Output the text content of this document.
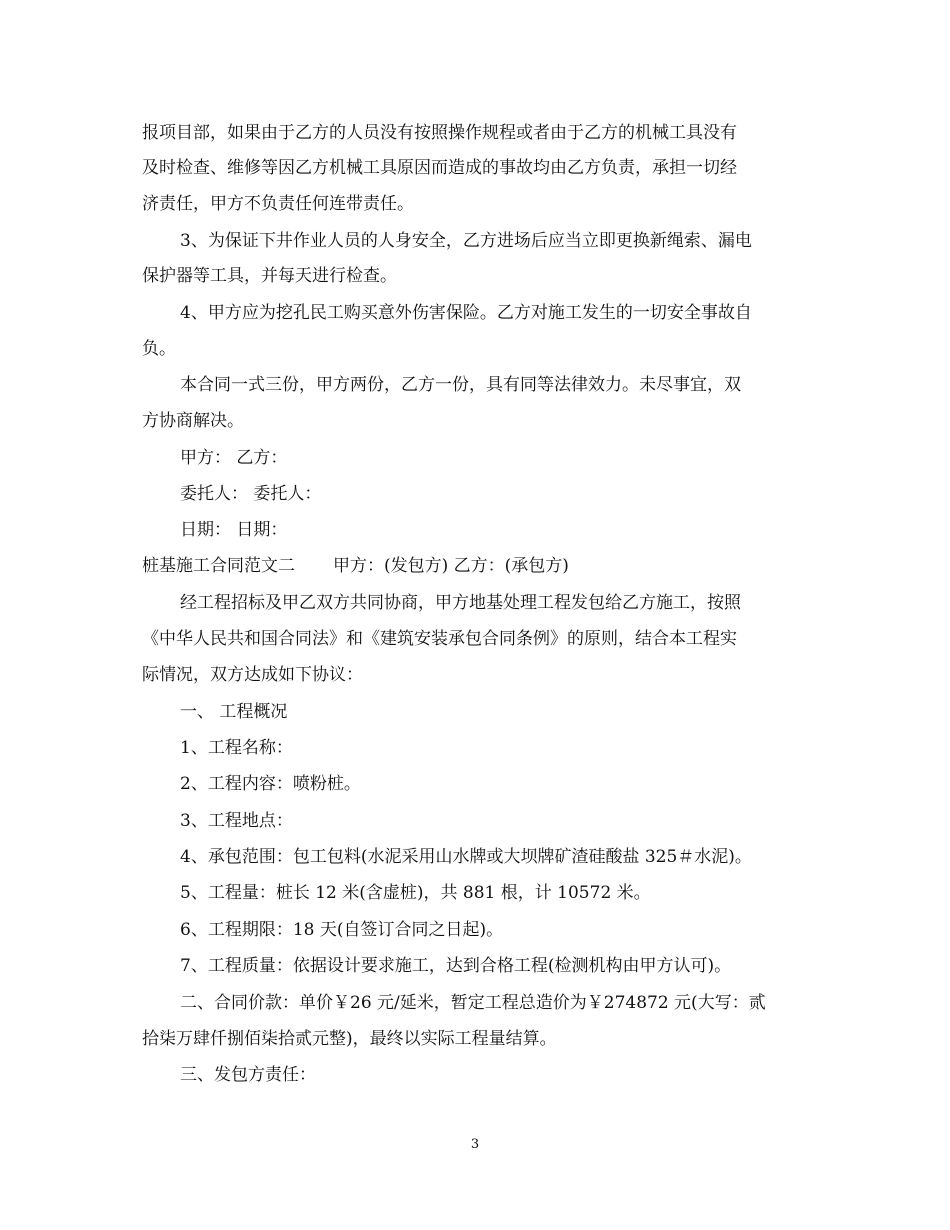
报项目部，如果由于乙方的人员没有按照操作规程或者由于乙方的机械工具没有
及时检查、维修等因乙方机械工具原因而造成的事故均由乙方负责，承担一切经
济责任，甲方不负责任何连带责任。
3、为保证下井作业人员的人身安全，乙方进场后应当立即更换新绳索、漏电
保护器等工具，并每天进行检查。
4、甲方应为挖孔民工购买意外伤害保险。乙方对施工发生的一切安全事故自
负。
本合同一式三份，甲方两份，乙方一份，具有同等法律效力。未尽事宜，双
方协商解决。
甲方： 乙方：
委托人： 委托人：
日期： 日期：
桩基施工合同范文二 甲方：(发包方) 乙方：(承包方)
经工程招标及甲乙双方共同协商，甲方地基处理工程发包给乙方施工，按照
《中华人民共和国合同法》和《建筑安装承包合同条例》的原则，结合本工程实
际情况，双方达成如下协议：
一、 工程概况
1、工程名称：
2、工程内容：喷粉桩。
3、工程地点：
4、承包范围：包工包料(水泥采用山水牌或大坝牌矿渣硅酸盐 325＃水泥)。
5、工程量：桩长 12 米(含虚桩)，共 881 根，计 10572 米。
6、工程期限：18 天(自签订合同之日起)。
7、工程质量：依据设计要求施工，达到合格工程(检测机构由甲方认可)。
二、合同价款：单价￥26 元/延米，暂定工程总造价为￥274872 元(大写：贰
拾柒万肆仟捌佰柒拾贰元整)，最终以实际工程量结算。
三、发包方责任：
3
